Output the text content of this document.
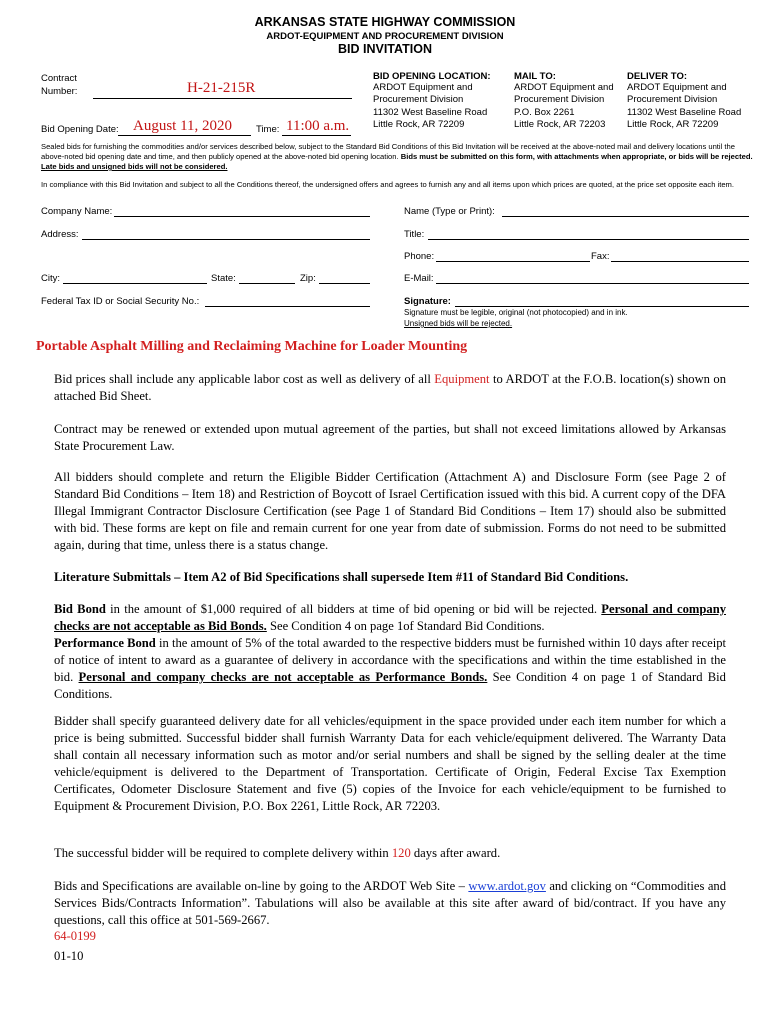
ARKANSAS STATE HIGHWAY COMMISSION
ARDOT-EQUIPMENT AND PROCUREMENT DIVISION
BID INVITATION
Contract
Number:	H-21-215R
Bid Opening Date: August 11, 2020	Time: 11:00 a.m.
BID OPENING LOCATION:
ARDOT Equipment and
Procurement Division
11302 West Baseline Road
Little Rock, AR 72209
MAIL TO:
ARDOT Equipment and
Procurement Division
P.O. Box 2261
Little Rock, AR 72203
DELIVER TO:
ARDOT Equipment and
Procurement Division
11302 West Baseline Road
Little Rock, AR 72209
Sealed bids for furnishing the commodities and/or services described below, subject to the Standard Bid Conditions of this Bid Invitation will be received at the above-noted mail and delivery locations until the above-noted bid opening date and time, and then publicly opened at the above-noted bid opening location. Bids must be submitted on this form, with attachments when appropriate, or bids will be rejected. Late bids and unsigned bids will not be considered.
In compliance with this Bid Invitation and subject to all the Conditions thereof, the undersigned offers and agrees to furnish any and all items upon which prices are quoted, at the price set opposite each item.
Company Name:
Address:
City:	State:	Zip:
Federal Tax ID or Social Security No.:
Name (Type or Print):
Title:
Phone:	Fax:
E-Mail:
Signature:
Signature must be legible, original (not photocopied) and in ink.
Unsigned bids will be rejected.
Portable Asphalt Milling and Reclaiming Machine for Loader Mounting
Bid prices shall include any applicable labor cost as well as delivery of all Equipment to ARDOT at the F.O.B. location(s) shown on attached Bid Sheet.
Contract may be renewed or extended upon mutual agreement of the parties, but shall not exceed limitations allowed by Arkansas State Procurement Law.
All bidders should complete and return the Eligible Bidder Certification (Attachment A) and Disclosure Form (see Page 2 of Standard Bid Conditions – Item 18) and Restriction of Boycott of Israel Certification issued with this bid. A current copy of the DFA Illegal Immigrant Contractor Disclosure Certification (see Page 1 of Standard Bid Conditions – Item 17) should also be submitted with bid. These forms are kept on file and remain current for one year from date of submission. Forms do not need to be submitted again, during that time, unless there is a status change.
Literature Submittals – Item A2 of Bid Specifications shall supersede Item #11 of Standard Bid Conditions.
Bid Bond in the amount of $1,000 required of all bidders at time of bid opening or bid will be rejected. Personal and company checks are not acceptable as Bid Bonds. See Condition 4 on page 1of Standard Bid Conditions.
Performance Bond in the amount of 5% of the total awarded to the respective bidders must be furnished within 10 days after receipt of notice of intent to award as a guarantee of delivery in accordance with the specifications and within the time established in the bid. Personal and company checks are not acceptable as Performance Bonds. See Condition 4 on page 1 of Standard Bid Conditions.
Bidder shall specify guaranteed delivery date for all vehicles/equipment in the space provided under each item number for which a price is being submitted. Successful bidder shall furnish Warranty Data for each vehicle/equipment delivered. The Warranty Data shall contain all necessary information such as motor and/or serial numbers and shall be signed by the selling dealer at the time vehicle/equipment is delivered to the Department of Transportation. Certificate of Origin, Federal Excise Tax Exemption Certificates, Odometer Disclosure Statement and five (5) copies of the Invoice for each vehicle/equipment to be furnished to Equipment & Procurement Division, P.O. Box 2261, Little Rock, AR 72203.
The successful bidder will be required to complete delivery within 120 days after award.
Bids and Specifications are available on-line by going to the ARDOT Web Site – www.ardot.gov and clicking on “Commodities and Services Bids/Contracts Information”. Tabulations will also be available at this site after award of bid/contract. If you have any questions, call this office at 501-569-2667.
64-0199
01-10
